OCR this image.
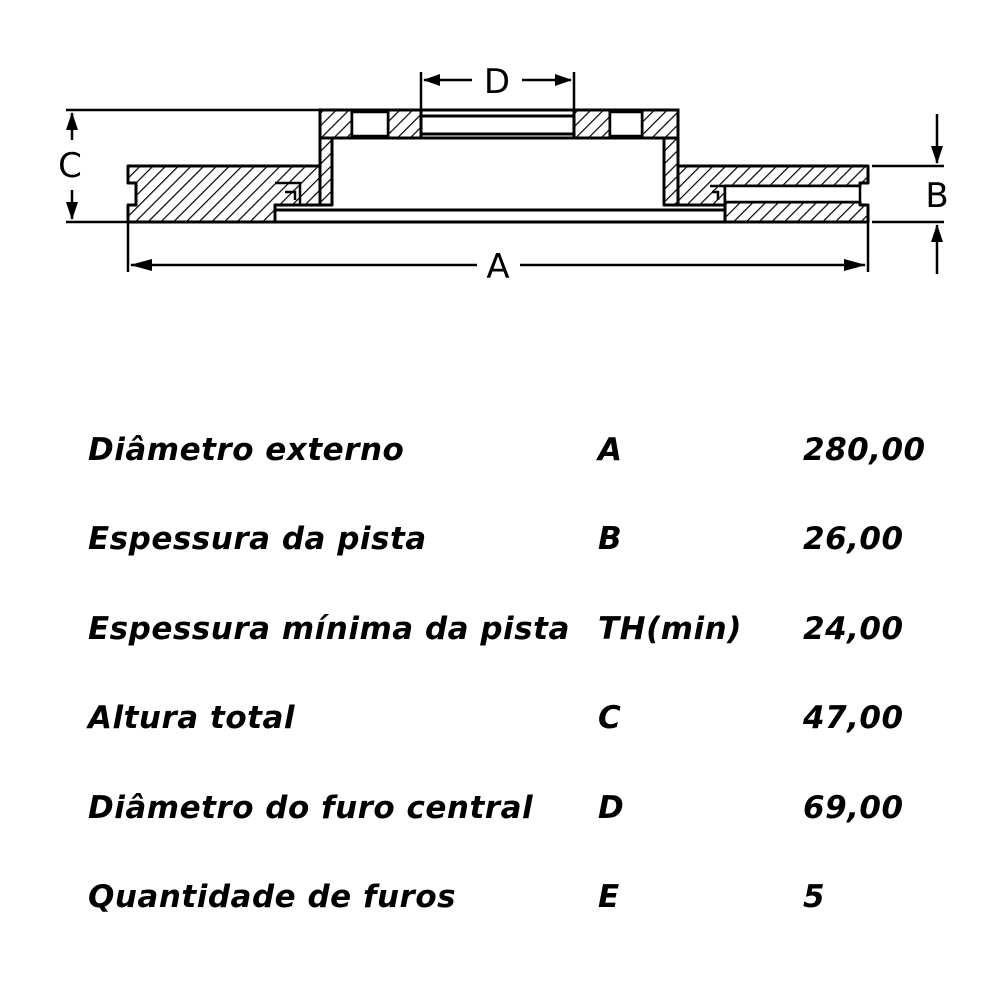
D
C
A
B
Diâmetro externo	A	280,00
Espessura da pista	B	26,00
Espessura mínima da pista	TH(min)	24,00
Altura total	C	47,00
Diâmetro do furo central	D	69,00
Quantidade de furos	E	5
